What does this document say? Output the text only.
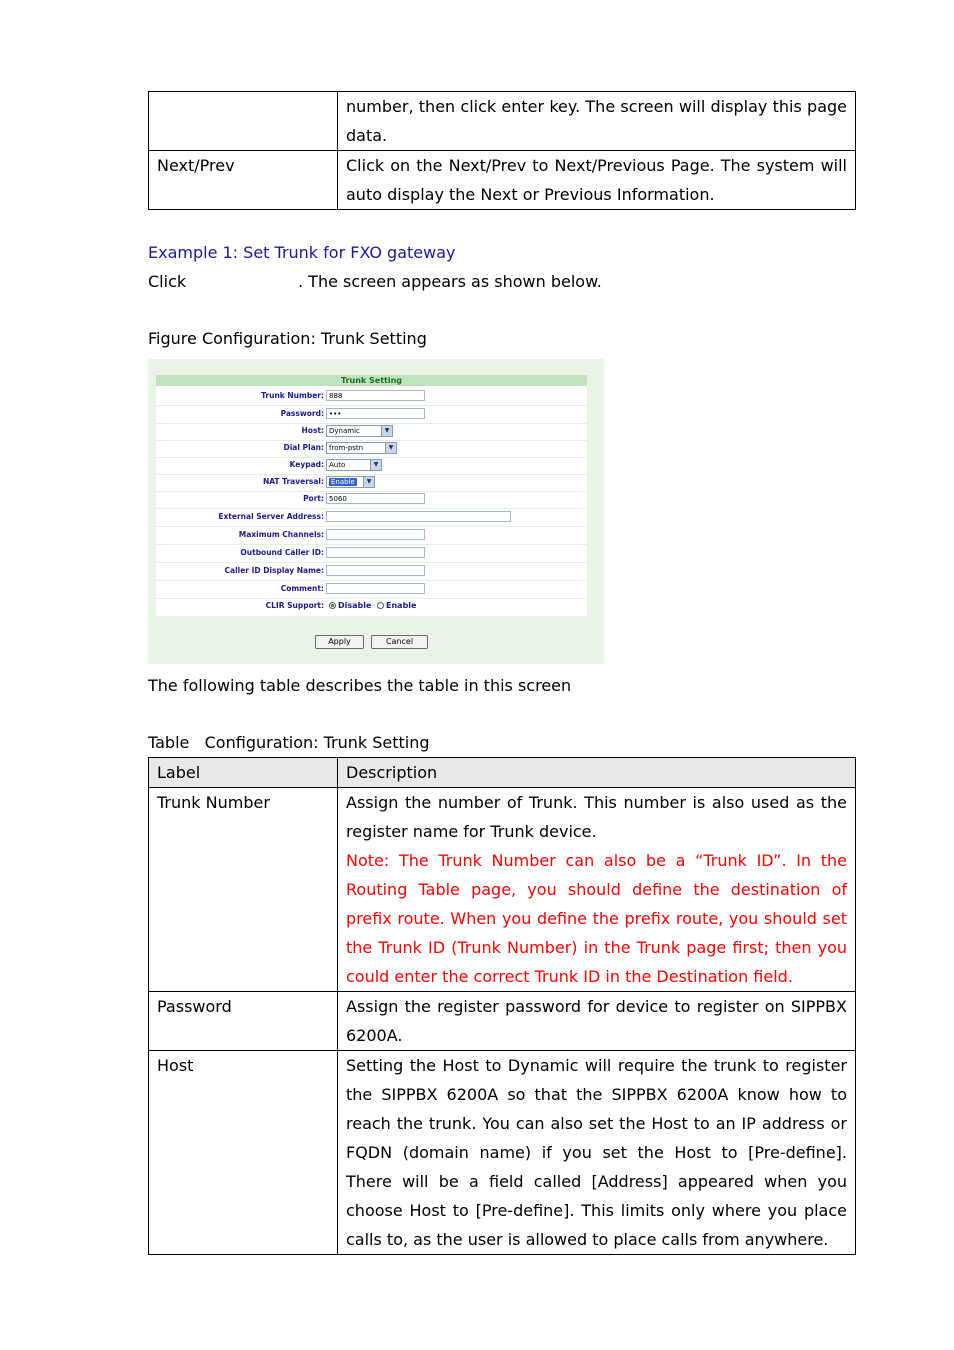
	number, then click enter key. The screen will display this page
data.

Next/Prev	Click on the Next/Prev to Next/Previous Page. The system will
auto display the Next or Previous Information.
Example 1: Set Trunk for FXO gateway
Click	. The screen appears as shown below.
Figure Configuration: Trunk Setting
Trunk Setting
Trunk Number: 888
Password: •••
Host: Dynamic	▼
Dial Plan: from-pstn	▼
Keypad: Auto	▼
NAT Traversal:	Enable	▼
Port: 5060
External Server Address:
Maximum Channels:
Outbound Caller ID:
Caller ID Display Name:
Comment:
CLIR Support:	Disable Enable
Apply	Cancel
The following table describes the table in this screen
Table   Configuration: Trunk Setting
Label	Description
Trunk Number	Assign the number of Trunk. This number is also used as the register name for Trunk device.
Note: The Trunk Number can also be a “Trunk ID”. In the Routing Table page, you should define the destination of prefix route. When you define the prefix route, you should set the Trunk ID (Trunk Number) in the Trunk page first; then you could enter the correct Trunk ID in the Destination field.

Password	Assign the register password for device to register on SIPPBX 6200A.
Host	Setting the Host to Dynamic will require the trunk to register the SIPPBX 6200A so that the SIPPBX 6200A know how to reach the trunk. You can also set the Host to an IP address or FQDN (domain name) if you set the Host to [Pre-define]. There will be a field called [Address] appeared when you choose Host to [Pre-define]. This limits only where you place calls to, as the user is allowed to place calls from anywhere.
